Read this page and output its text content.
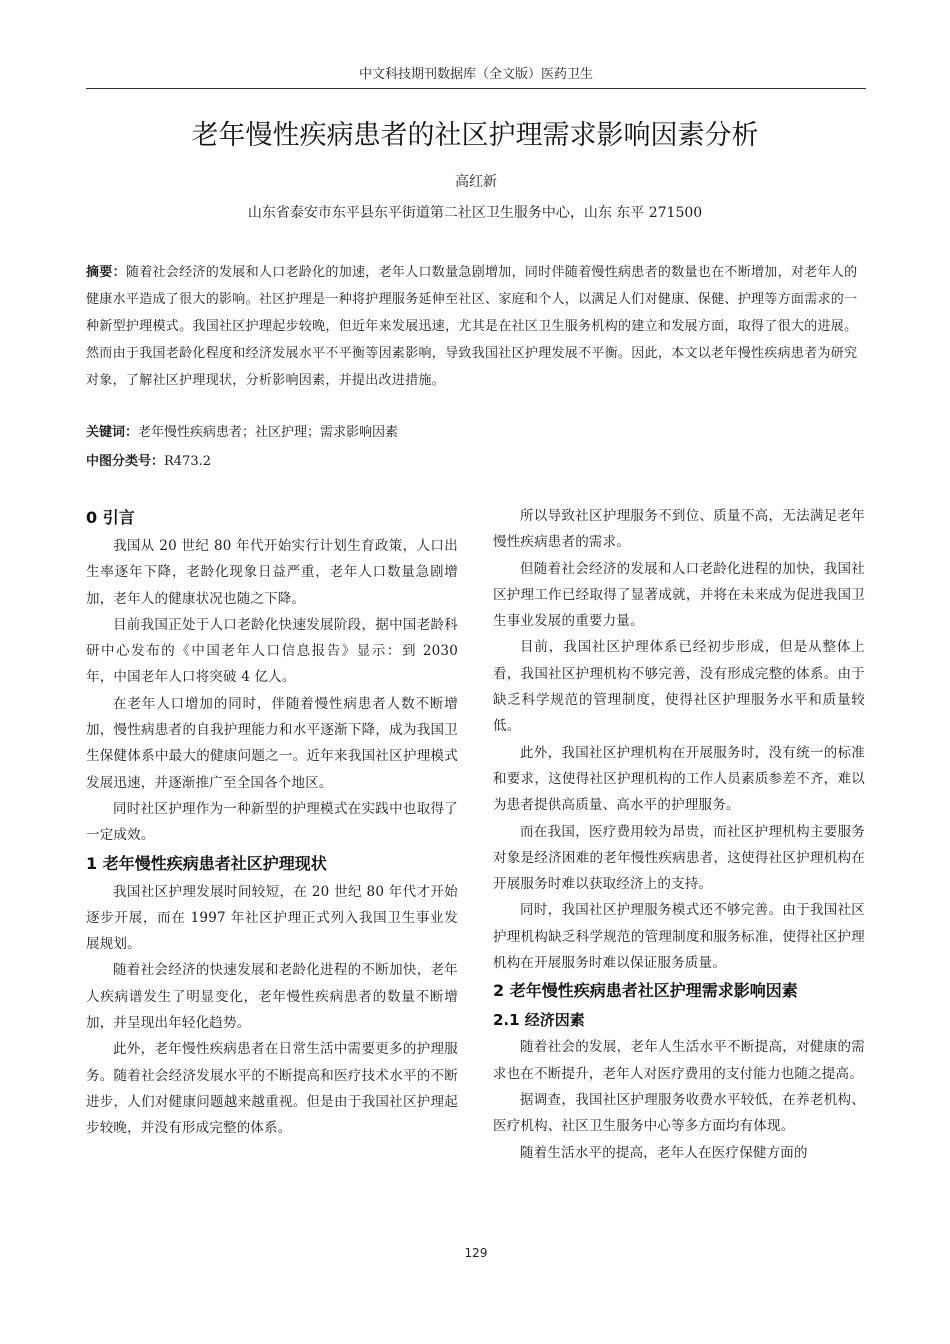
中文科技期刊数据库（全文版）医药卫生
老年慢性疾病患者的社区护理需求影响因素分析
高红新
山东省泰安市东平县东平街道第二社区卫生服务中心，山东 东平 271500
摘要：随着社会经济的发展和人口老龄化的加速，老年人口数量急剧增加，同时伴随着慢性病患者的数量也在不断增加，对老年人的健康水平造成了很大的影响。社区护理是一种将护理服务延伸至社区、家庭和个人，以满足人们对健康、保健、护理等方面需求的一种新型护理模式。我国社区护理起步较晚，但近年来发展迅速，尤其是在社区卫生服务机构的建立和发展方面，取得了很大的进展。然而由于我国老龄化程度和经济发展水平不平衡等因素影响，导致我国社区护理发展不平衡。因此，本文以老年慢性疾病患者为研究对象，了解社区护理现状，分析影响因素，并提出改进措施。
关键词：老年慢性疾病患者；社区护理；需求影响因素
中图分类号：R473.2
0 引言

我国从 20 世纪 80 年代开始实行计划生育政策，人口出生率逐年下降，老龄化现象日益严重，老年人口数量急剧增加，老年人的健康状况也随之下降。

目前我国正处于人口老龄化快速发展阶段，据中国老龄科研中心发布的《中国老年人口信息报告》显示：到 2030 年，中国老年人口将突破 4 亿人。

在老年人口增加的同时，伴随着慢性病患者人数不断增加，慢性病患者的自我护理能力和水平逐渐下降，成为我国卫生保健体系中最大的健康问题之一。近年来我国社区护理模式发展迅速，并逐渐推广至全国各个地区。

同时社区护理作为一种新型的护理模式在实践中也取得了一定成效。

1 老年慢性疾病患者社区护理现状

我国社区护理发展时间较短，在 20 世纪 80 年代才开始逐步开展，而在 1997 年社区护理正式列入我国卫生事业发展规划。

随着社会经济的快速发展和老龄化进程的不断加快，老年人疾病谱发生了明显变化，老年慢性疾病患者的数量不断增加，并呈现出年轻化趋势。

此外，老年慢性疾病患者在日常生活中需要更多的护理服务。随着社会经济发展水平的不断提高和医疗技术水平的不断进步，人们对健康问题越来越重视。但是由于我国社区护理起步较晚，并没有形成完整的体系。

所以导致社区护理服务不到位、质量不高，无法满足老年慢性疾病患者的需求。

但随着社会经济的发展和人口老龄化进程的加快，我国社区护理工作已经取得了显著成就，并将在未来成为促进我国卫生事业发展的重要力量。

目前，我国社区护理体系已经初步形成，但是从整体上看，我国社区护理机构不够完善，没有形成完整的体系。由于缺乏科学规范的管理制度，使得社区护理服务水平和质量较低。

此外，我国社区护理机构在开展服务时，没有统一的标准和要求，这使得社区护理机构的工作人员素质参差不齐，难以为患者提供高质量、高水平的护理服务。

而在我国，医疗费用较为昂贵，而社区护理机构主要服务对象是经济困难的老年慢性疾病患者，这使得社区护理机构在开展服务时难以获取经济上的支持。

同时，我国社区护理服务模式还不够完善。由于我国社区护理机构缺乏科学规范的管理制度和服务标准，使得社区护理机构在开展服务时难以保证服务质量。

2 老年慢性疾病患者社区护理需求影响因素
2.1 经济因素

随着社会的发展，老年人生活水平不断提高，对健康的需求也在不断提升，老年人对医疗费用的支付能力也随之提高。

据调查，我国社区护理服务收费水平较低，在养老机构、医疗机构、社区卫生服务中心等多方面均有体现。

随着生活水平的提高，老年人在医疗保健方面的

129
